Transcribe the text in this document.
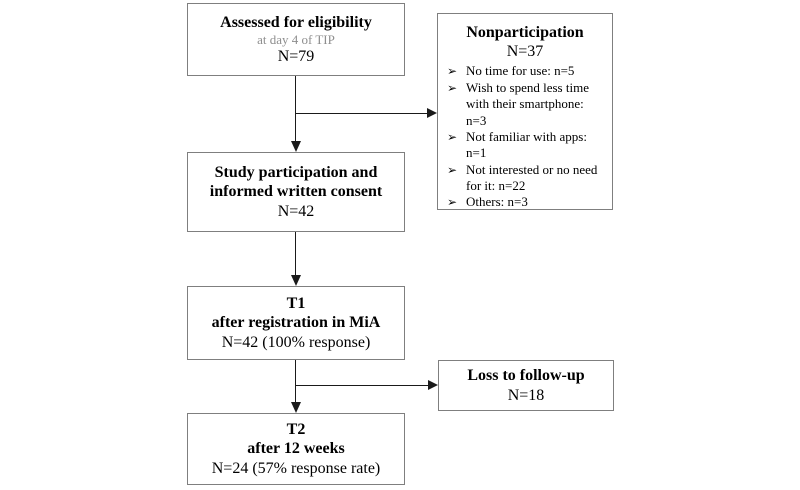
Assessed for eligibility
at day 4 of TIP
N=79
Nonparticipation
N=37
➢ No time for use: n=5
➢ Wish to spend less time with their smartphone: n=3
➢ Not familiar with apps: n=1
➢ Not interested or no need for it: n=22
➢ Others: n=3
Study participation and informed written consent
N=42
T1
after registration in MiA
N=42 (100% response)
Loss to follow-up
N=18
T2
after 12 weeks
N=24 (57% response rate)
